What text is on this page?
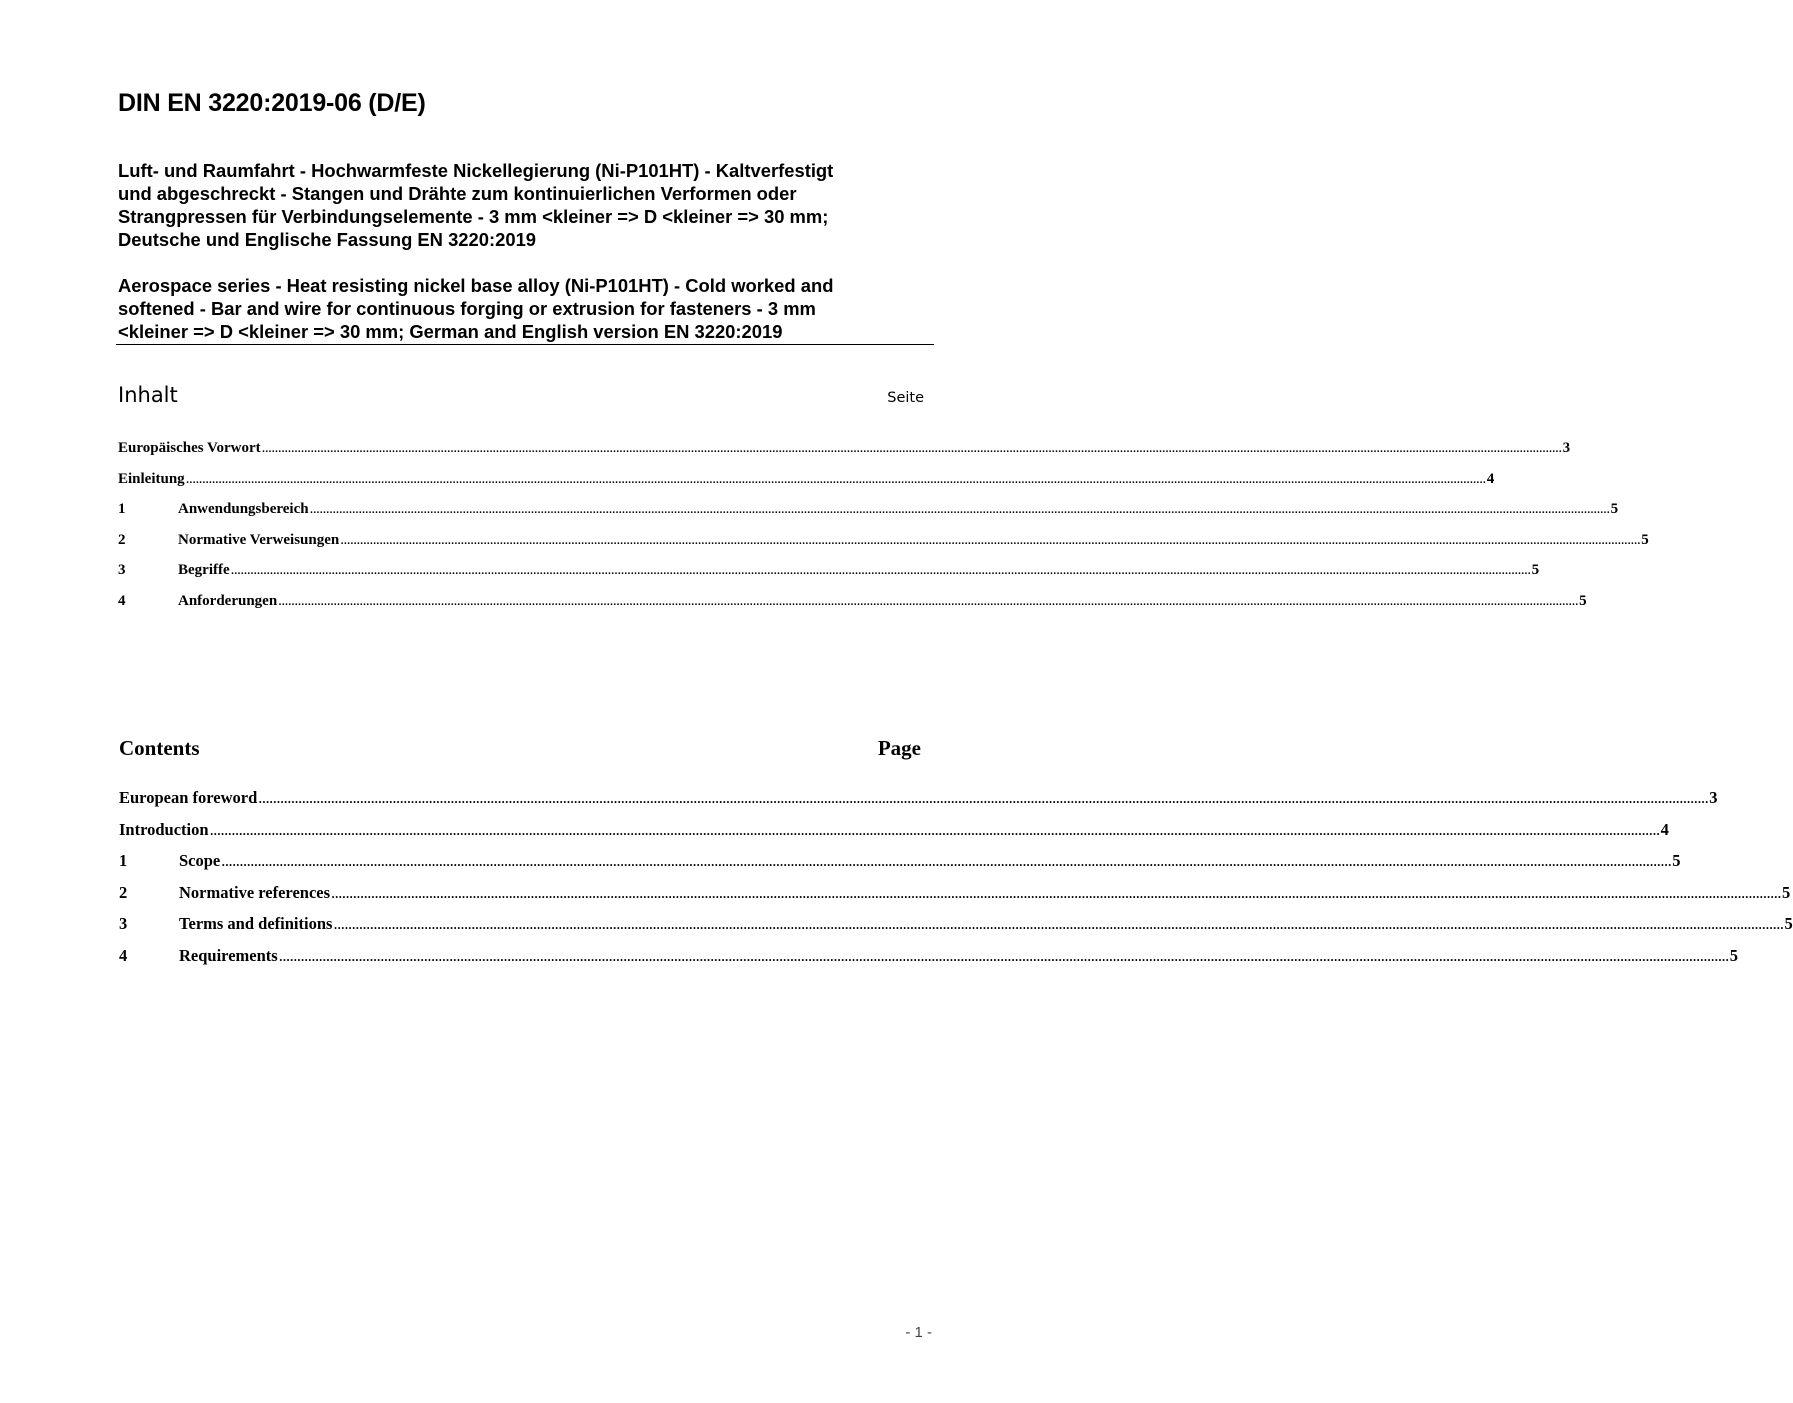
DIN EN 3220:2019-06 (D/E)
Luft- und Raumfahrt - Hochwarmfeste Nickellegierung (Ni-P101HT) - Kaltverfestigt
und abgeschreckt - Stangen und Drähte zum kontinuierlichen Verformen oder
Strangpressen für Verbindungselemente - 3 mm <kleiner => D <kleiner => 30 mm;
Deutsche und Englische Fassung EN 3220:2019
Aerospace series - Heat resisting nickel base alloy (Ni-P101HT) - Cold worked and
softened - Bar and wire for continuous forging or extrusion for fasteners - 3 mm
<kleiner => D <kleiner => 30 mm; German and English version EN 3220:2019
Inhalt	Seite
Europäisches Vorwort ................................................................................................................................................................................................................................................................................................................................................................................................................ 3
Einleitung ................................................................................................................................................................................................................................................................................................................................................................................................................ 4
1	Anwendungsbereich ................................................................................................................................................................................................................................................................................................................................................................................................................ 5
2	Normative Verweisungen ................................................................................................................................................................................................................................................................................................................................................................................................................ 5
3	Begriffe ................................................................................................................................................................................................................................................................................................................................................................................................................ 5
4	Anforderungen ................................................................................................................................................................................................................................................................................................................................................................................................................ 5
Contents	Page
European foreword ................................................................................................................................................................................................................................................................................................................................................................................................................ 3
Introduction ................................................................................................................................................................................................................................................................................................................................................................................................................ 4
1	Scope ................................................................................................................................................................................................................................................................................................................................................................................................................ 5
2	Normative references ................................................................................................................................................................................................................................................................................................................................................................................................................ 5
3	Terms and definitions ................................................................................................................................................................................................................................................................................................................................................................................................................ 5
4	Requirements ................................................................................................................................................................................................................................................................................................................................................................................................................ 5
- 1 -
